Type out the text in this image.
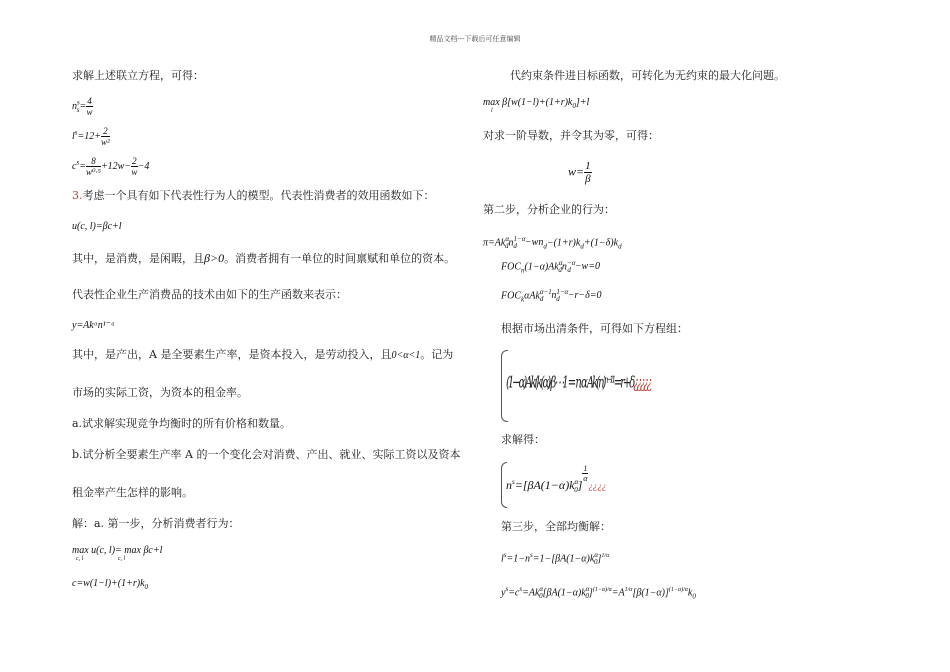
精品文档---下载后可任意编辑
求解上述联立方程，可得：
$n^s_s= \frac{4}{w}$
$l^s=12+ \frac{2}{\text{w²}}$
$c^s= \frac{8}{\text{w⁰·⁵}} +12w- \frac{2}{w} -4$
3.考虑一个具有如下代表性行为人的模型。代表性消费者的效用函数如下：
u(c, l)=βc+l
其中，是消费，是闲暇，且β>0。消费者拥有一单位的时间禀赋和单位的资本。
代表性企业生产消费品的技术由如下的生产函数来表示：
y=Akᵅn¹⁻ᵅ
其中，是产出，A 是全要素生产率，是资本投入，是劳动投入，且0<α<1。记为
市场的实际工资，为资本的租金率。
a.试求解实现竞争均衡时的所有价格和数量。
b.试分析全要素生产率 A 的一个变化会对消费、产出、就业、实际工资以及资本
租金率产生怎样的影响。
解：a. 第一步，分析消费者行为：
max u(c, l)= max βc+l
c, l                       c, l
$c=w(1-l)+(1+r)k_0$
代约束条件进目标函数，可转化为无约束的最大化问题。
$\max \beta[w(1-l)+(1+r)k_0]+l$
l
对求一阶导数，并令其为零，可得：
$w= \frac{1}{\beta}$
第二步，分析企业的行为：
$\pi=Ak^\alpha_dn^{1-\alpha}_d -wn_d-(1+r)k_d+(1-\delta)k_d$
$FOC_n(1-\alpha)Ak^\alpha_dn^{-\alpha}_d -w=0$
$FOC_k\alpha Ak^{\alpha-1}_d$ $n^{1-\alpha}_d -r-\delta=0$
根据市场出清条件，可得如下方程组：
(1−α)Ak(k(α)/β⋯1 = n α Ak(n)ⁿ⁻¹¹=r+δ¿¿¿¿¿
求解得：
$n^s=[\beta A(1-\alpha)k^\alpha_0]$
$\frac{1}{\alpha}$
¿¿¿¿
第三步，全部均衡解：
$l^s=1-n^s=1-[\beta A(1-\alpha)k^\alpha_0]^{1/\alpha}$
$y^s=c^s=Ak^\alpha_0[\beta A(1-\alpha)k^\alpha_0]^{(1-\alpha)/\alpha}=A^{1/\alpha}[\beta(1-\alpha)]^{(1-\alpha)/\alpha}k_0$
